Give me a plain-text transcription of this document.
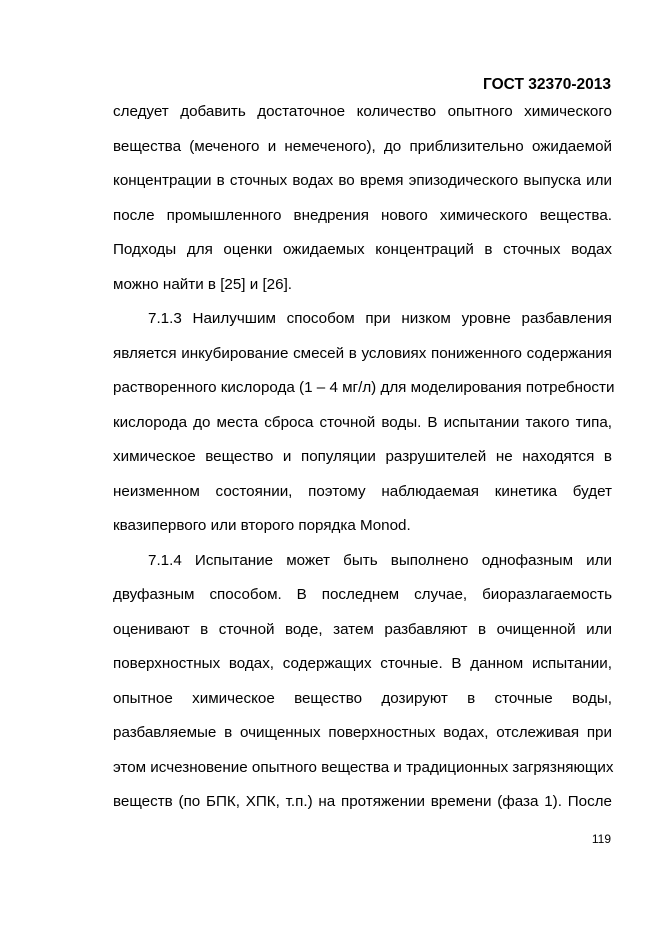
ГОСТ 32370-2013
следует добавить достаточное количество опытного химического
вещества (меченого и немеченого), до приблизительно ожидаемой
концентрации в сточных водах во время эпизодического выпуска или
после промышленного внедрения нового химического вещества.
Подходы для оценки ожидаемых концентраций в сточных водах
можно найти в [25] и [26].
7.1.3 Наилучшим способом при низком уровне разбавления
является инкубирование смесей в условиях пониженного содержания
растворенного кислорода (1 – 4 мг/л) для моделирования потребности
кислорода до места сброса сточной воды. В испытании такого типа,
химическое вещество и популяции разрушителей не находятся в
неизменном состоянии, поэтому наблюдаемая кинетика будет
квазипервого или второго порядка Monod.
7.1.4 Испытание может быть выполнено однофазным или
двуфазным способом. В последнем случае, биоразлагаемость
оценивают в сточной воде, затем разбавляют в очищенной или
поверхностных водах, содержащих сточные. В данном испытании,
опытное химическое вещество дозируют в сточные воды,
разбавляемые в очищенных поверхностных водах, отслеживая при
этом исчезновение опытного вещества и традиционных загрязняющих
веществ (по БПК, ХПК, т.п.) на протяжении времени (фаза 1). После
119
